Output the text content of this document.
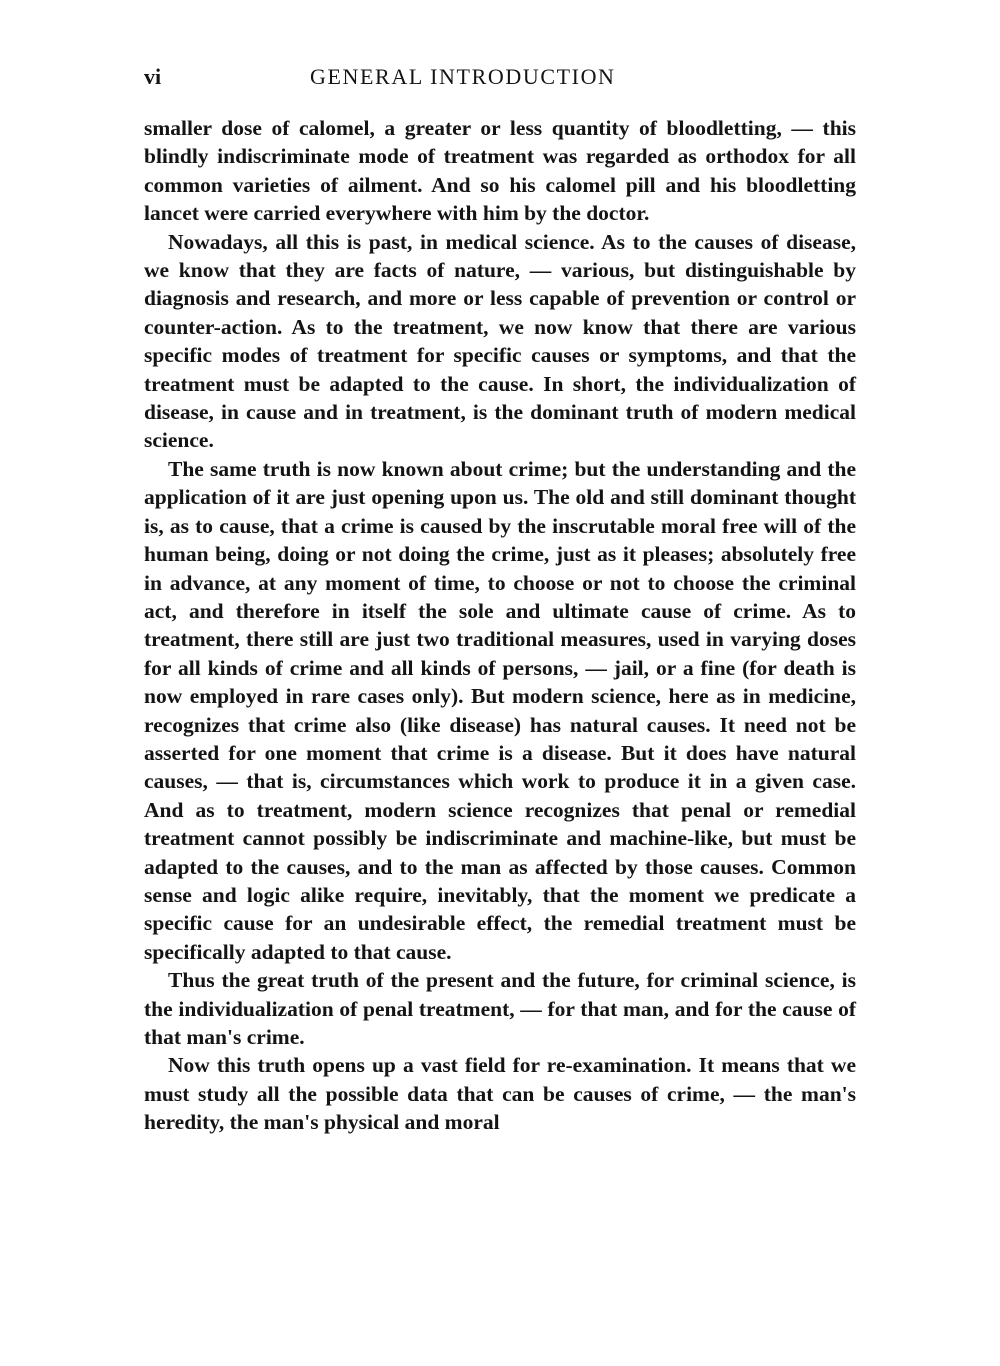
vi	GENERAL INTRODUCTION

smaller dose of calomel, a greater or less quantity of bloodletting, — this blindly indiscriminate mode of treatment was regarded as orthodox for all common varieties of ailment. And so his calomel pill and his bloodletting lancet were carried everywhere with him by the doctor.

Nowadays, all this is past, in medical science. As to the causes of disease, we know that they are facts of nature, — various, but distinguishable by diagnosis and research, and more or less capable of prevention or control or counter-action. As to the treatment, we now know that there are various specific modes of treatment for specific causes or symptoms, and that the treatment must be adapted to the cause. In short, the individualization of disease, in cause and in treatment, is the dominant truth of modern medical science.

The same truth is now known about crime; but the understanding and the application of it are just opening upon us. The old and still dominant thought is, as to cause, that a crime is caused by the inscrutable moral free will of the human being, doing or not doing the crime, just as it pleases; absolutely free in advance, at any moment of time, to choose or not to choose the criminal act, and therefore in itself the sole and ultimate cause of crime. As to treatment, there still are just two traditional measures, used in varying doses for all kinds of crime and all kinds of persons, — jail, or a fine (for death is now employed in rare cases only). But modern science, here as in medicine, recognizes that crime also (like disease) has natural causes. It need not be asserted for one moment that crime is a disease. But it does have natural causes, — that is, circumstances which work to produce it in a given case. And as to treatment, modern science recognizes that penal or remedial treatment cannot possibly be indiscriminate and machine-like, but must be adapted to the causes, and to the man as affected by those causes. Common sense and logic alike require, inevitably, that the moment we predicate a specific cause for an undesirable effect, the remedial treatment must be specifically adapted to that cause.

Thus the great truth of the present and the future, for criminal science, is the individualization of penal treatment, — for that man, and for the cause of that man's crime.

Now this truth opens up a vast field for re-examination. It means that we must study all the possible data that can be causes of crime, — the man's heredity, the man's physical and moral
